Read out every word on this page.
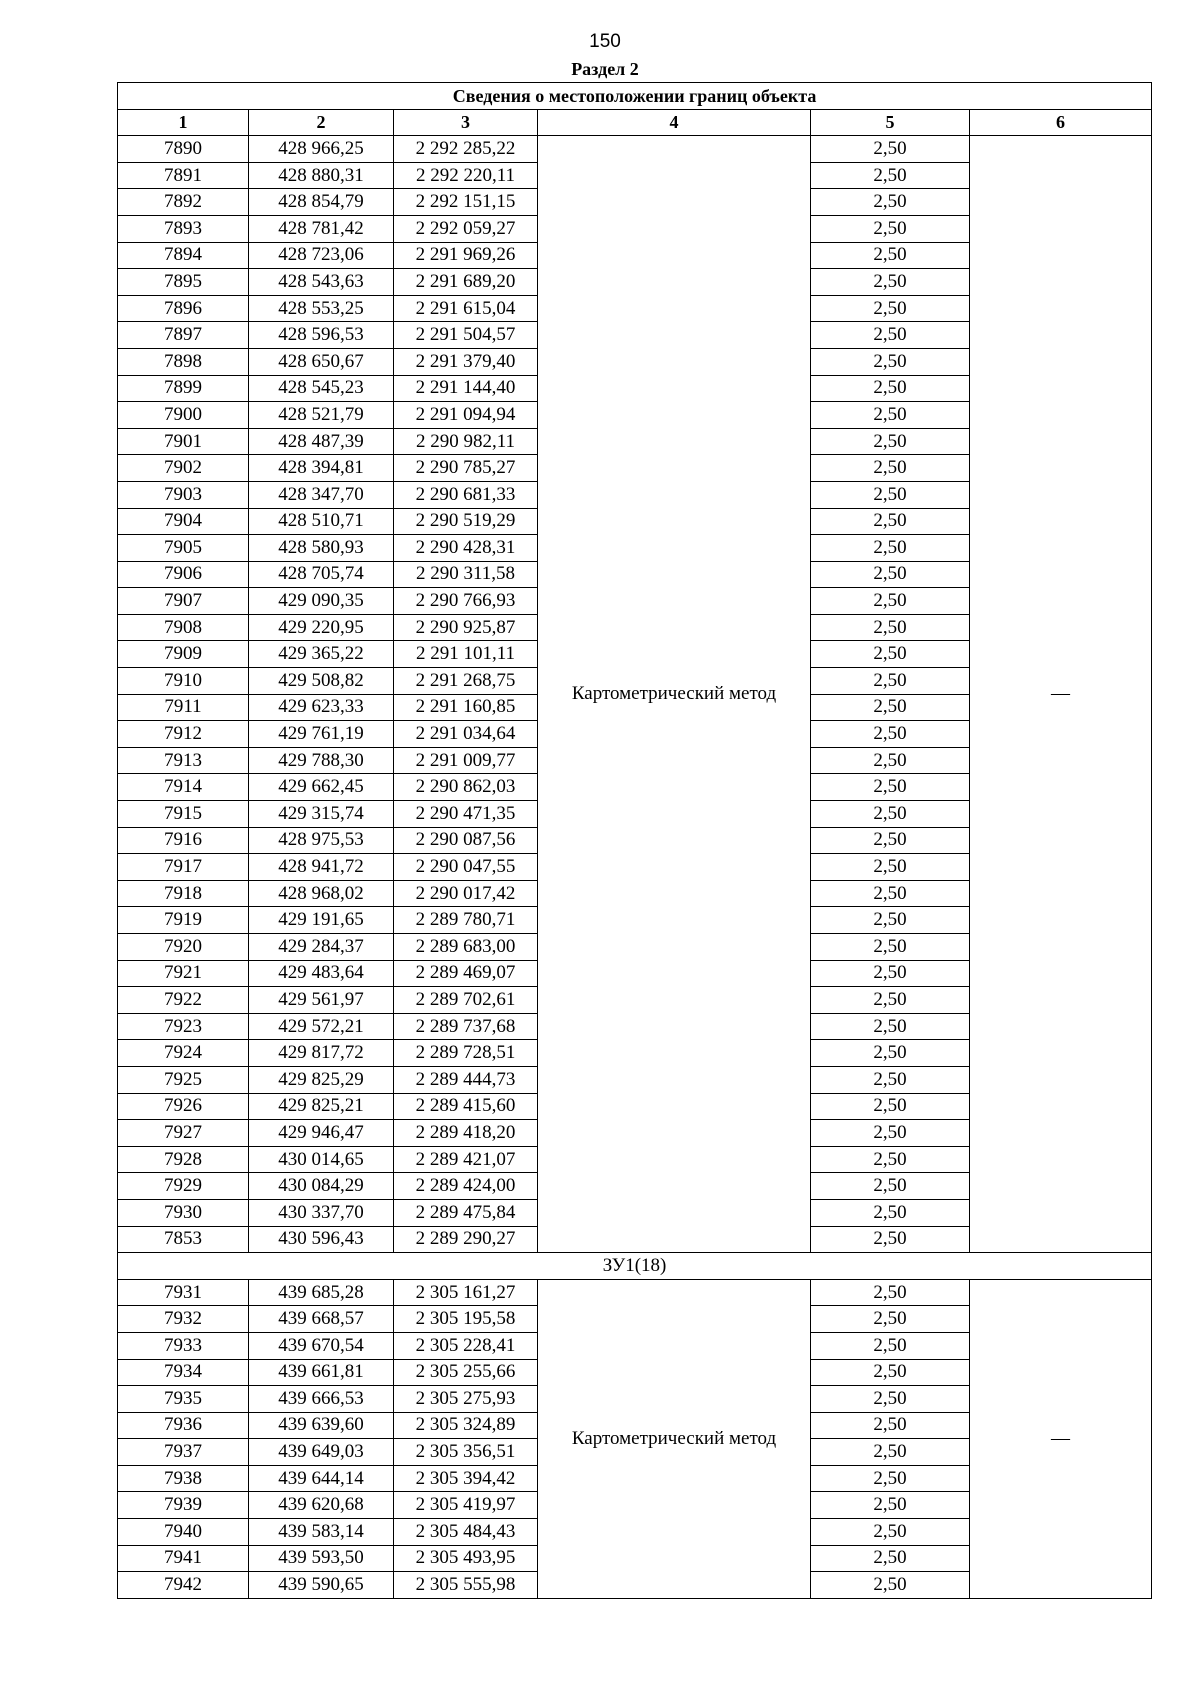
150
Раздел 2
Сведения о местоположении границ объекта					
1	2	3	4	5	6
7890	428 966,25	2 292 285,22	Картометрический метод	2,50	—
7891	428 880,31	2 292 220,11		2,50	
7892	428 854,79	2 292 151,15		2,50	
7893	428 781,42	2 292 059,27		2,50	
7894	428 723,06	2 291 969,26		2,50	
7895	428 543,63	2 291 689,20		2,50	
7896	428 553,25	2 291 615,04		2,50	
7897	428 596,53	2 291 504,57		2,50	
7898	428 650,67	2 291 379,40		2,50	
7899	428 545,23	2 291 144,40		2,50	
7900	428 521,79	2 291 094,94		2,50	
7901	428 487,39	2 290 982,11		2,50	
7902	428 394,81	2 290 785,27		2,50	
7903	428 347,70	2 290 681,33		2,50	
7904	428 510,71	2 290 519,29		2,50	
7905	428 580,93	2 290 428,31		2,50	
7906	428 705,74	2 290 311,58		2,50	
7907	429 090,35	2 290 766,93		2,50	
7908	429 220,95	2 290 925,87		2,50	
7909	429 365,22	2 291 101,11		2,50	
7910	429 508,82	2 291 268,75		2,50	
7911	429 623,33	2 291 160,85		2,50	
7912	429 761,19	2 291 034,64		2,50	
7913	429 788,30	2 291 009,77		2,50	
7914	429 662,45	2 290 862,03		2,50	
7915	429 315,74	2 290 471,35		2,50	
7916	428 975,53	2 290 087,56		2,50	
7917	428 941,72	2 290 047,55		2,50	
7918	428 968,02	2 290 017,42		2,50	
7919	429 191,65	2 289 780,71		2,50	
7920	429 284,37	2 289 683,00		2,50	
7921	429 483,64	2 289 469,07		2,50	
7922	429 561,97	2 289 702,61		2,50	
7923	429 572,21	2 289 737,68		2,50	
7924	429 817,72	2 289 728,51		2,50	
7925	429 825,29	2 289 444,73		2,50	
7926	429 825,21	2 289 415,60		2,50	
7927	429 946,47	2 289 418,20		2,50	
7928	430 014,65	2 289 421,07		2,50	
7929	430 084,29	2 289 424,00		2,50	
7930	430 337,70	2 289 475,84		2,50	
7853	430 596,43	2 289 290,27		2,50	
ЗУ1(18)					
7931	439 685,28	2 305 161,27	Картометрический метод	2,50	—
7932	439 668,57	2 305 195,58		2,50	
7933	439 670,54	2 305 228,41		2,50	
7934	439 661,81	2 305 255,66		2,50	
7935	439 666,53	2 305 275,93		2,50	
7936	439 639,60	2 305 324,89		2,50	
7937	439 649,03	2 305 356,51		2,50	
7938	439 644,14	2 305 394,42		2,50	
7939	439 620,68	2 305 419,97		2,50	
7940	439 583,14	2 305 484,43		2,50	
7941	439 593,50	2 305 493,95		2,50	
7942	439 590,65	2 305 555,98		2,50	
